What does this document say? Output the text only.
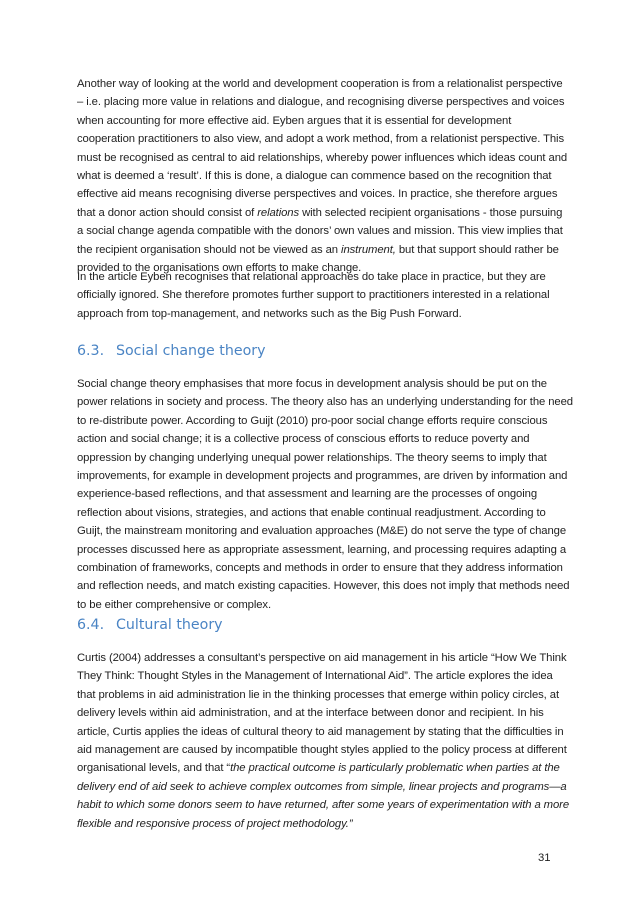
Another way of looking at the world and development cooperation is from a relationalist perspective
– i.e. placing more value in relations and dialogue, and recognising diverse perspectives and voices
when accounting for more effective aid. Eyben argues that it is essential for development
cooperation practitioners to also view, and adopt a work method, from a relationist perspective. This
must be recognised as central to aid relationships, whereby power influences which ideas count and
what is deemed a ‘result’. If this is done, a dialogue can commence based on the recognition that
effective aid means recognising diverse perspectives and voices. In practice, she therefore argues
that a donor action should consist of relations with selected recipient organisations - those pursuing
a social change agenda compatible with the donors’ own values and mission. This view implies that
the recipient organisation should not be viewed as an instrument, but that support should rather be
provided to the organisations own efforts to make change.

In the article Eyben recognises that relational approaches do take place in practice, but they are
officially ignored. She therefore promotes further support to practitioners interested in a relational
approach from top-management, and networks such as the Big Push Forward.

6.3. Social change theory

Social change theory emphasises that more focus in development analysis should be put on the
power relations in society and process. The theory also has an underlying understanding for the need
to re-distribute power. According to Guijt (2010) pro-poor social change efforts require conscious
action and social change; it is a collective process of conscious efforts to reduce poverty and
oppression by changing underlying unequal power relationships. The theory seems to imply that
improvements, for example in development projects and programmes, are driven by information and
experience-based reflections, and that assessment and learning are the processes of ongoing
reflection about visions, strategies, and actions that enable continual readjustment. According to
Guijt, the mainstream monitoring and evaluation approaches (M&E) do not serve the type of change
processes discussed here as appropriate assessment, learning, and processing requires adapting a
combination of frameworks, concepts and methods in order to ensure that they address information
and reflection needs, and match existing capacities. However, this does not imply that methods need
to be either comprehensive or complex.

6.4. Cultural theory

Curtis (2004) addresses a consultant’s perspective on aid management in his article “How We Think
They Think: Thought Styles in the Management of International Aid”. The article explores the idea
that problems in aid administration lie in the thinking processes that emerge within policy circles, at
delivery levels within aid administration, and at the interface between donor and recipient. In his
article, Curtis applies the ideas of cultural theory to aid management by stating that the difficulties in
aid management are caused by incompatible thought styles applied to the policy process at different
organisational levels, and that “the practical outcome is particularly problematic when parties at the
delivery end of aid seek to achieve complex outcomes from simple, linear projects and programs—a
habit to which some donors seem to have returned, after some years of experimentation with a more
flexible and responsive process of project methodology.”

31
